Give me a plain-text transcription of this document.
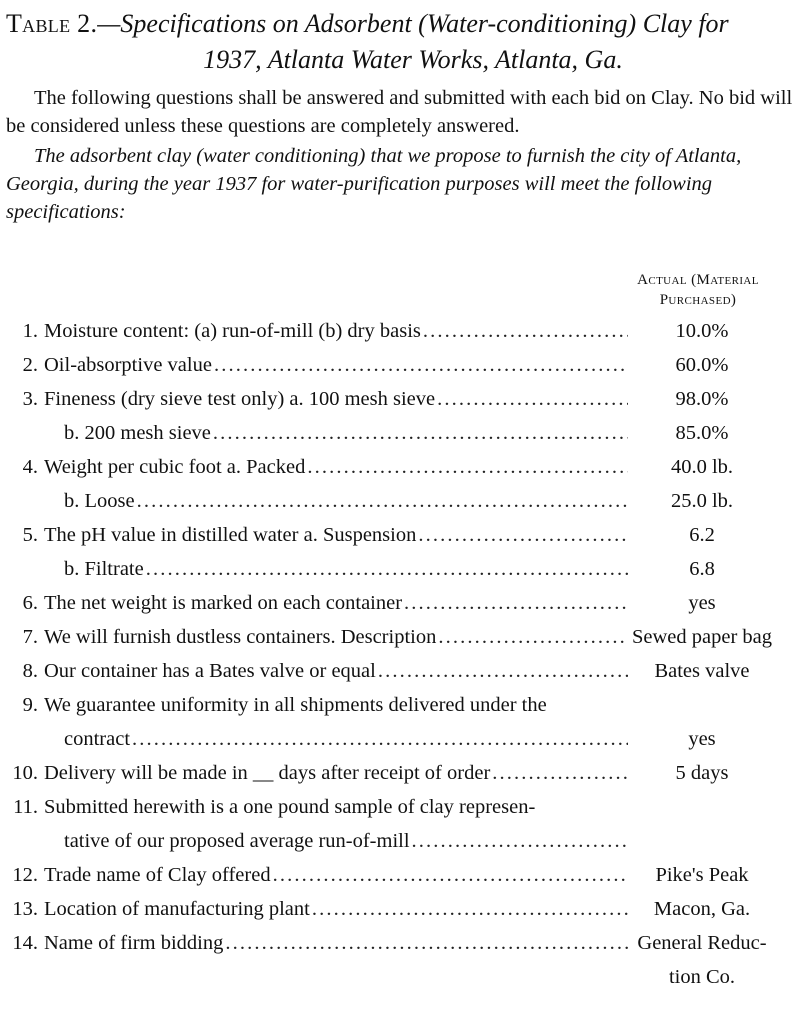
Table 2.—Specifications on Adsorbent (Water-conditioning) Clay for
1937, Atlanta Water Works, Atlanta, Ga.

The following questions shall be answered and submitted with each bid on Clay. No bid will be considered unless these questions are completely answered.

The adsorbent clay (water conditioning) that we propose to furnish the city of Atlanta, Georgia, during the year 1937 for water-purification purposes will meet the following specifications:

Actual (Material
Purchased)
1. Moisture content: (a) run-of-mill (b) dry basis . . .	10.0%
2. Oil-absorptive value . . .	60.0%
3. Fineness (dry sieve test only) a. 100 mesh sieve . . .	98.0%
b. 200 mesh sieve . . .	85.0%
4. Weight per cubic foot a. Packed . . .	40.0 lb.
b. Loose . . .	25.0 lb.
5. The pH value in distilled water a. Suspension . . .	6.2
b. Filtrate . . .	6.8
6. The net weight is marked on each container . . .	yes
7. We will furnish dustless containers. Description . . .	Sewed paper bag
8. Our container has a Bates valve or equal . . .	Bates valve
9. We guarantee uniformity in all shipments delivered under the
contract . . .	yes
10. Delivery will be made in __ days after receipt of order . . .	5 days
11. Submitted herewith is a one pound sample of clay represen-
tative of our proposed average run-of-mill
. . .
12. Trade name of Clay offered . . .	Pike's Peak
13. Location of manufacturing plant . . .	Macon, Ga.
14. Name of firm bidding . . .	General Reduc-
tion Co.
